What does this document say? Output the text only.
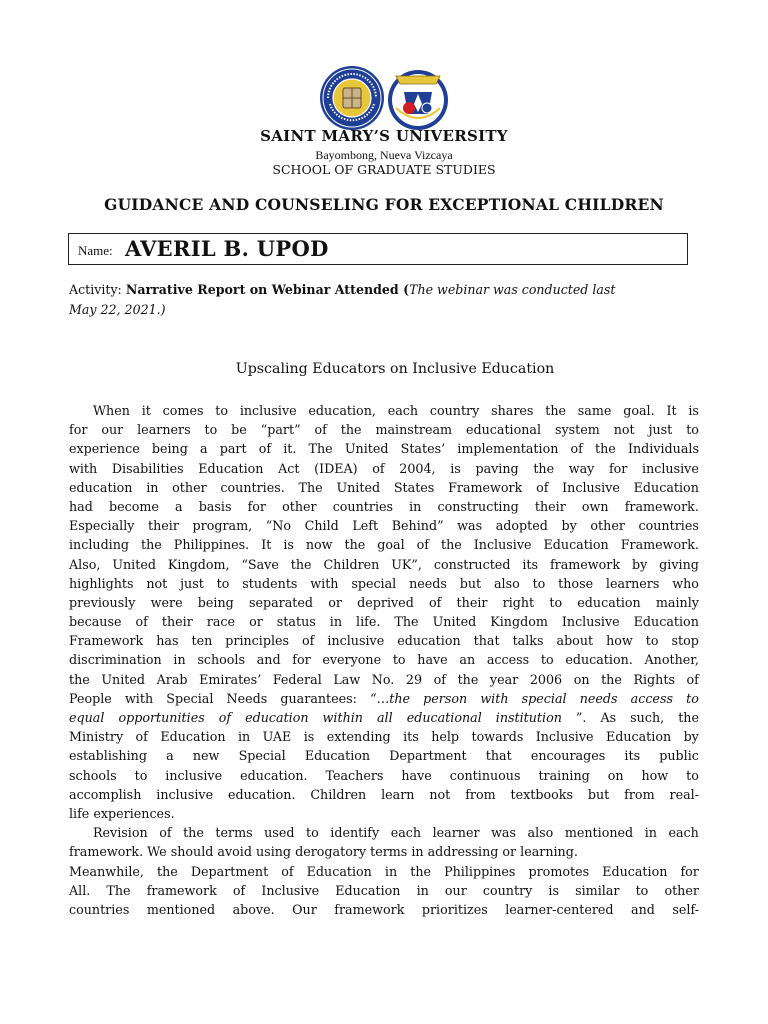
SAINT MARY’S UNIVERSITY
Bayombong, Nueva Vizcaya
SCHOOL OF GRADUATE STUDIES
GUIDANCE AND COUNSELING FOR EXCEPTIONAL CHILDREN
Name: AVERIL B. UPOD
Activity: Narrative Report on Webinar Attended (The webinar was conducted last
May 22, 2021.)
Upscaling Educators on Inclusive Education
When it comes to inclusive education, each country shares the same goal. It is
for our learners to be “part” of the mainstream educational system not just to
experience being a part of it. The United States’ implementation of the Individuals
with Disabilities Education Act (IDEA) of 2004, is paving the way for inclusive
education in other countries. The United States Framework of Inclusive Education
had become a basis for other countries in constructing their own framework.
Especially their program, “No Child Left Behind” was adopted by other countries
including the Philippines. It is now the goal of the Inclusive Education Framework.
Also, United Kingdom, “Save the Children UK”, constructed its framework by giving
highlights not just to students with special needs but also to those learners who
previously were being separated or deprived of their right to education mainly
because of their race or status in life. The United Kingdom Inclusive Education
Framework has ten principles of inclusive education that talks about how to stop
discrimination in schools and for everyone to have an access to education. Another,
the United Arab Emirates’ Federal Law No. 29 of the year 2006 on the Rights of
People with Special Needs guarantees: “…the person with special needs access to
equal opportunities of education within all educational institution ”. As such, the
Ministry of Education in UAE is extending its help towards Inclusive Education by
establishing a new Special Education Department that encourages its public
schools to inclusive education. Teachers have continuous training on how to
accomplish inclusive education. Children learn not from textbooks but from real-
life experiences.
Revision of the terms used to identify each learner was also mentioned in each
framework. We should avoid using derogatory terms in addressing or learning.
Meanwhile, the Department of Education in the Philippines promotes Education for
All. The framework of Inclusive Education in our country is similar to other
countries mentioned above. Our framework prioritizes learner-centered and self-
